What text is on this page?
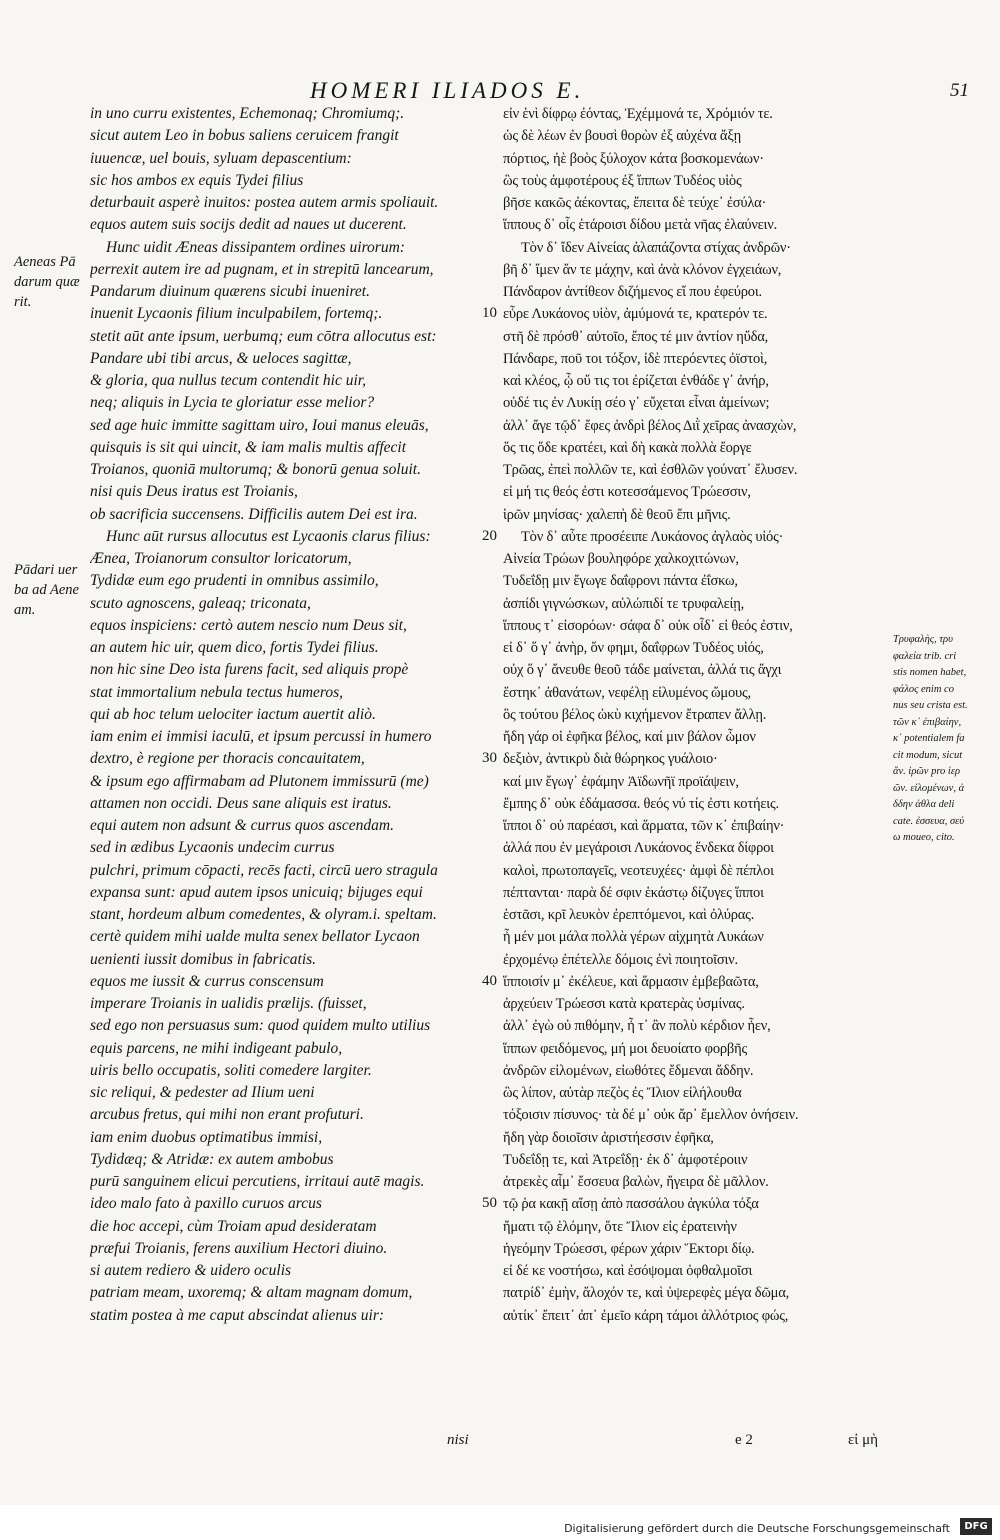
HOMERI ILIADOS E.	51
in uno curru existentes, Echemonaq; Chromiumq;.
sicut autem Leo in bobus saliens ceruicem frangit
iuuencæ, uel bouis, syluam depascentium:
sic hos ambos ex equis Tydei filius
deturbauit asperè inuitos: postea autem armis spoliauit.
equos autem suis socijs dedit ad naues ut ducerent.
Hunc uidit Æneas dissipantem ordines uirorum:
perrexit autem ire ad pugnam, et in strepitū lancearum,
Pandarum diuinum quærens sicubi inueniret.
inuenit Lycaonis filium inculpabilem, fortemq;.
stetit aūt ante ipsum, uerbumq; eum cōtra allocutus est:
Pandare ubi tibi arcus, & ueloces sagittæ,
& gloria, qua nullus tecum contendit hic uir,
neq; aliquis in Lycia te gloriatur esse melior?
sed age huic immitte sagittam uiro, Ioui manus eleuās,
quisquis is sit qui uincit, & iam malis multis affecit
Troianos, quoniā multorumq; & bonorū genua soluit.
nisi quis Deus iratus est Troianis,
ob sacrificia succensens. Difficilis autem Dei est ira.
Hunc aūt rursus allocutus est Lycaonis clarus filius:
Ænea, Troianorum consultor loricatorum,
Tydidæ eum ego prudenti in omnibus assimilo,
scuto agnoscens, galeaq; triconata,
equos inspiciens: certò autem nescio num Deus sit,
an autem hic uir, quem dico, fortis Tydei filius.
non hic sine Deo ista furens facit, sed aliquis propè
stat immortalium nebula tectus humeros,
qui ab hoc telum uelociter iactum auertit aliò.
iam enim ei immisi iaculū, et ipsum percussi in humero
dextro, è regione per thoracis concauitatem,
& ipsum ego affirmabam ad Plutonem immissurū (me)
attamen non occidi. Deus sane aliquis est iratus.
equi autem non adsunt & currus quos ascendam.
sed in ædibus Lycaonis undecim currus
pulchri, primum cōpacti, recēs facti, circū uero stragula
expansa sunt: apud autem ipsos unicuiq; bijuges equi
stant, hordeum album comedentes, & olyram.i. speltam.
certè quidem mihi ualde multa senex bellator Lycaon
uenienti iussit domibus in fabricatis.
equos me iussit & currus conscensum
imperare Troianis in ualidis prælijs. (fuisset,
sed ego non persuasus sum: quod quidem multo utilius
equis parcens, ne mihi indigeant pabulo,
uiris bello occupatis, soliti comedere largiter.
sic reliqui, & pedester ad Ilium ueni
arcubus fretus, qui mihi non erant profuturi.
iam enim duobus optimatibus immisi,
Tydidæq; & Atridæ: ex autem ambobus
purū sanguinem elicui percutiens, irritaui autē magis.
ideo malo fato à paxillo curuos arcus
die hoc accepi, cùm Troiam apud desideratam
præfui Troianis, ferens auxilium Hectori diuino.
si autem rediero & uidero oculis
patriam meam, uxoremq; & altam magnam domum,
statim postea à me caput abscindat alienus uir:
εἰν ἑνὶ δίφρῳ ἐόντας, Ἐχέμμονά τε, Χρόμιόν τε.
ὡς δὲ λέων ἐν βουσὶ θορὼν ἐξ αὐχένα ἄξῃ
πόρτιος, ἠὲ βοὸς ξύλοχον κάτα βοσκομενάων·
ὣς τοὺς ἀμφοτέρους ἐξ ἵππων Τυδέος υἱὸς
βῆσε κακῶς ἀέκοντας, ἔπειτα δὲ τεύχε᾽ ἐσύλα·
ἵππους δ᾽ οἷς ἑτάροισι δίδου μετὰ νῆας ἐλαύνειν.
Τὸν δ᾽ ἴδεν Αἰνείας ἀλαπάζοντα στίχας ἀνδρῶν·
βῆ δ᾽ ἴμεν ἄν τε μάχην, καὶ ἀνὰ κλόνον ἐγχειάων,
Πάνδαρον ἀντίθεον διζήμενος εἴ που ἐφεύροι.
εὗρε Λυκάονος υἱὸν, ἀμύμονά τε, κρατερόν τε.
στῆ δὲ πρόσθ᾽ αὐτοῖο, ἔπος τέ μιν ἀντίον ηὔδα,
Πάνδαρε, ποῦ τοι τόξον, ἰδὲ πτερόεντες ὀϊστοὶ,
καὶ κλέος, ᾧ οὔ τις τοι ἐρίζεται ἐνθάδε γ᾽ ἀνήρ,
οὐδέ τις ἐν Λυκίῃ σέο γ᾽ εὔχεται εἶναι ἀμείνων;
ἀλλ᾽ ἄγε τῷδ᾽ ἔφες ἀνδρὶ βέλος Διῒ χεῖρας ἀνασχὼν,
ὅς τις ὅδε κρατέει, καὶ δὴ κακὰ πολλὰ ἔοργε
Τρῶας, ἐπεὶ πολλῶν τε, καὶ ἐσθλῶν γούνατ᾽ ἔλυσεν.
εἰ μή τις θεός ἐστι κοτεσσάμενος Τρώεσσιν,
ἱρῶν μηνίσας· χαλεπὴ δὲ θεοῦ ἔπι μῆνις.
Τὸν δ᾽ αὖτε προσέειπε Λυκάονος ἀγλαὸς υἱός·
Αἰνεία Τρώων βουληφόρε χαλκοχιτώνων,
Τυδεΐδῃ μιν ἔγωγε δαΐφρονι πάντα ἐΐσκω,
ἀσπίδι γιγνώσκων, αὐλώπιδί τε τρυφαλείῃ,
ἵππους τ᾽ εἰσορόων· σάφα δ᾽ οὐκ οἶδ᾽ εἰ θεός ἐστιν,
εἰ δ᾽ ὅ γ᾽ ἀνὴρ, ὅν φημι, δαΐφρων Τυδέος υἱός,
οὐχ ὅ γ᾽ ἄνευθε θεοῦ τάδε μαίνεται, ἀλλά τις ἄγχι
ἕστηκ᾽ ἀθανάτων, νεφέλῃ εἰλυμένος ὤμους,
ὃς τούτου βέλος ὠκὺ κιχήμενον ἔτραπεν ἄλλῃ.
ἤδη γάρ οἱ ἐφῆκα βέλος, καί μιν βάλον ὦμον
δεξιὸν, ἀντικρὺ διὰ θώρηκος γυάλοιο·
καί μιν ἔγωγ᾽ ἐφάμην Ἀϊδωνῆϊ προϊάψειν,
ἔμπης δ᾽ οὐκ ἐδάμασσα. θεός νύ τίς ἐστι κοτήεις.
ἵπποι δ᾽ οὐ παρέασι, καὶ ἅρματα, τῶν κ᾽ ἐπιβαίην·
ἀλλά που ἐν μεγάροισι Λυκάονος ἕνδεκα δίφροι
καλοὶ, πρωτοπαγεῖς, νεοτευχέες· ἀμφὶ δὲ πέπλοι
πέπτανται· παρὰ δέ σφιν ἑκάστῳ δίζυγες ἵπποι
ἑστᾶσι, κρῖ λευκὸν ἐρεπτόμενοι, καὶ ὀλύρας.
ἦ μέν μοι μάλα πολλὰ γέρων αἰχμητὰ Λυκάων
ἐρχομένῳ ἐπέτελλε δόμοις ἐνὶ ποιητοῖσιν.
ἵπποισίν μ᾽ ἐκέλευε, καὶ ἅρμασιν ἐμβεβαῶτα,
ἀρχεύειν Τρώεσσι κατὰ κρατερὰς ὑσμίνας.
ἀλλ᾽ ἐγὼ οὐ πιθόμην, ἦ τ᾽ ἂν πολὺ κέρδιον ἦεν,
ἵππων φειδόμενος, μή μοι δευοίατο φορβῆς
ἀνδρῶν εἰλομένων, εἰωθότες ἔδμεναι ἄδδην.
ὣς λίπον, αὐτὰρ πεζὸς ἐς Ἴλιον εἰλήλουθα
τόξοισιν πίσυνος· τὰ δέ μ᾽ οὐκ ἄρ᾽ ἔμελλον ὀνήσειν.
ἤδη γὰρ δοιοῖσιν ἀριστήεσσιν ἐφῆκα,
Τυδεΐδῃ τε, καὶ Ἀτρεΐδῃ· ἐκ δ᾽ ἀμφοτέροιιν
ἀτρεκὲς αἷμ᾽ ἔσσευα βαλὼν, ἤγειρα δὲ μᾶλλον.
τῷ ῥα κακῇ αἴσῃ ἀπὸ πασσάλου ἀγκύλα τόξα
ἤματι τῷ ἑλόμην, ὅτε Ἴλιον εἰς ἐρατεινὴν
ἡγεόμην Τρώεσσι, φέρων χάριν Ἕκτορι δίῳ.
εἰ δέ κε νοστήσω, καὶ ἐσόψομαι ὀφθαλμοῖσι
πατρίδ᾽ ἐμὴν, ἄλοχόν τε, καὶ ὑψερεφὲς μέγα δῶμα,
αὐτίκ᾽ ἔπειτ᾽ ἀπ᾽ ἐμεῖο κάρη τάμοι ἀλλότριος φώς,
10
20
30
40
50
Aeneas Pā
darum quæ
rit.
Pādari uer
ba ad Aene
am.
Τρυφαλὴς, τρυ
φαλεία trib. cri
stis nomen habet,
φάλος enim co
nus seu crista est.
τῶν κ᾽ ἐπιβαίην,
κ᾽ potentialem fa
cit modum, sicut
ἄν. ἱρῶν pro ἱερ
ῶν. εἰλομένων, ἀ
δδην ἀθλα deli
cate. ἐσσευα, σεύ
ω moueo, cito.
nisi	e 2	εἰ μὴ
Digitalisierung gefördert durch die Deutsche Forschungsgemeinschaft	DFG
